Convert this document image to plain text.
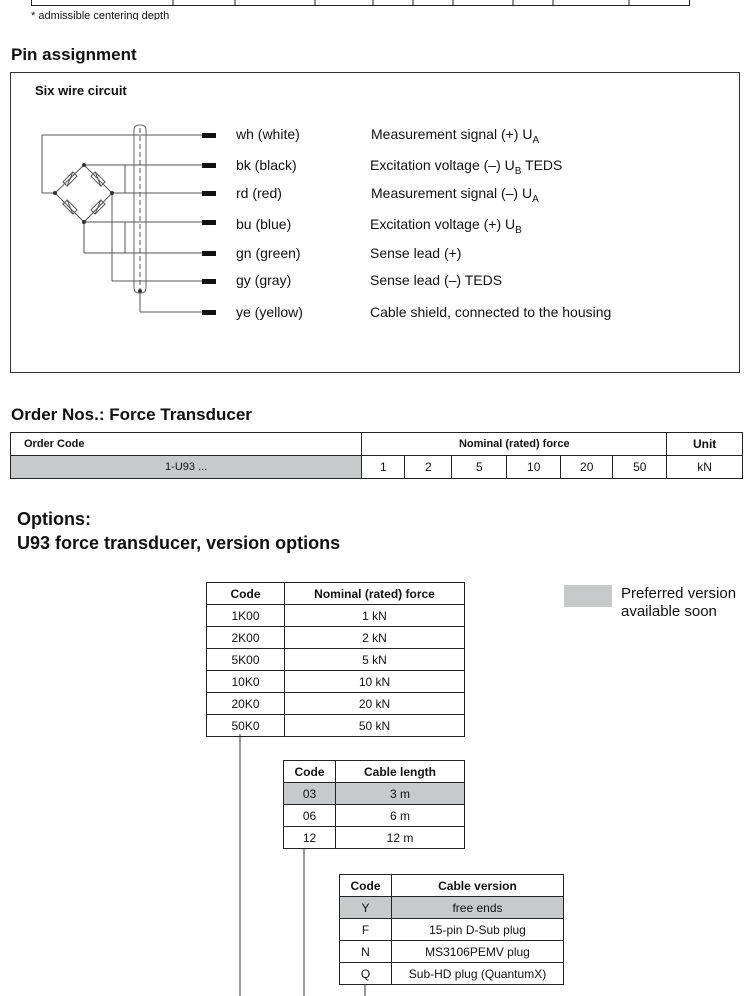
* admissible centering depth
Pin assignment
Six wire circuit
wh (white)	Measurement signal (+) $U_A$
bk (black)	Excitation voltage (–) $U_B$ TEDS
rd (red)	Measurement signal (–) $U_A$
bu (blue)	Excitation voltage (+) $U_B$
gn (green)	Sense lead (+)
gy (gray)	Sense lead (–) TEDS
ye (yellow)	Cable shield, connected to the housing
Order Nos.: Force Transducer
Order Code	Nominal (rated) force						Unit
1-U93 ...	1	2	5	10	20	50	kN
Options:
U93 force transducer, version options
Preferred version
available soon
Code	Nominal (rated) force
1K00	1 kN
2K00	2 kN
5K00	5 kN
10K0	10 kN
20K0	20 kN
50K0	50 kN
Code	Cable length
03	3 m
06	6 m
12	12 m
Code	Cable version
Y	free ends
F	15-pin D-Sub plug
N	MS3106PEMV plug
Q	Sub-HD plug (QuantumX)
